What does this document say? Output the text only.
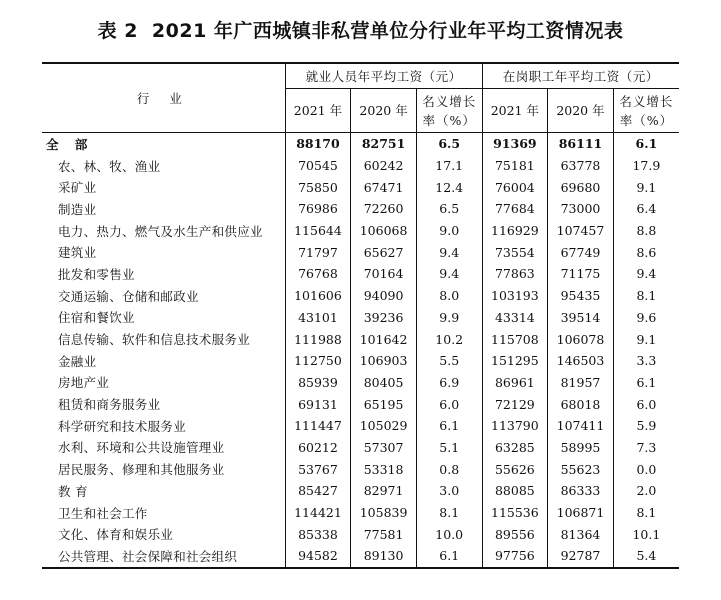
表 2 2021 年广西城镇非私营单位分行业年平均工资情况表
行 业	就业人员年平均工资（元）			在岗职工年平均工资（元）		
	2021 年	2020 年	名义增长率（%）	2021 年	2020 年	名义增长率（%）
全 部	88170	82751	6.5	91369	86111	6.1
农、林、牧、渔业	70545	60242	17.1	75181	63778	17.9
采矿业	75850	67471	12.4	76004	69680	9.1
制造业	76986	72260	6.5	77684	73000	6.4
电力、热力、燃气及水生产和供应业	115644	106068	9.0	116929	107457	8.8
建筑业	71797	65627	9.4	73554	67749	8.6
批发和零售业	76768	70164	9.4	77863	71175	9.4
交通运输、仓储和邮政业	101606	94090	8.0	103193	95435	8.1
住宿和餐饮业	43101	39236	9.9	43314	39514	9.6
信息传输、软件和信息技术服务业	111988	101642	10.2	115708	106078	9.1
金融业	112750	106903	5.5	151295	146503	3.3
房地产业	85939	80405	6.9	86961	81957	6.1
租赁和商务服务业	69131	65195	6.0	72129	68018	6.0
科学研究和技术服务业	111447	105029	6.1	113790	107411	5.9
水利、环境和公共设施管理业	60212	57307	5.1	63285	58995	7.3
居民服务、修理和其他服务业	53767	53318	0.8	55626	55623	0.0
教 育	85427	82971	3.0	88085	86333	2.0
卫生和社会工作	114421	105839	8.1	115536	106871	8.1
文化、体育和娱乐业	85338	77581	10.0	89556	81364	10.1
公共管理、社会保障和社会组织	94582	89130	6.1	97756	92787	5.4
